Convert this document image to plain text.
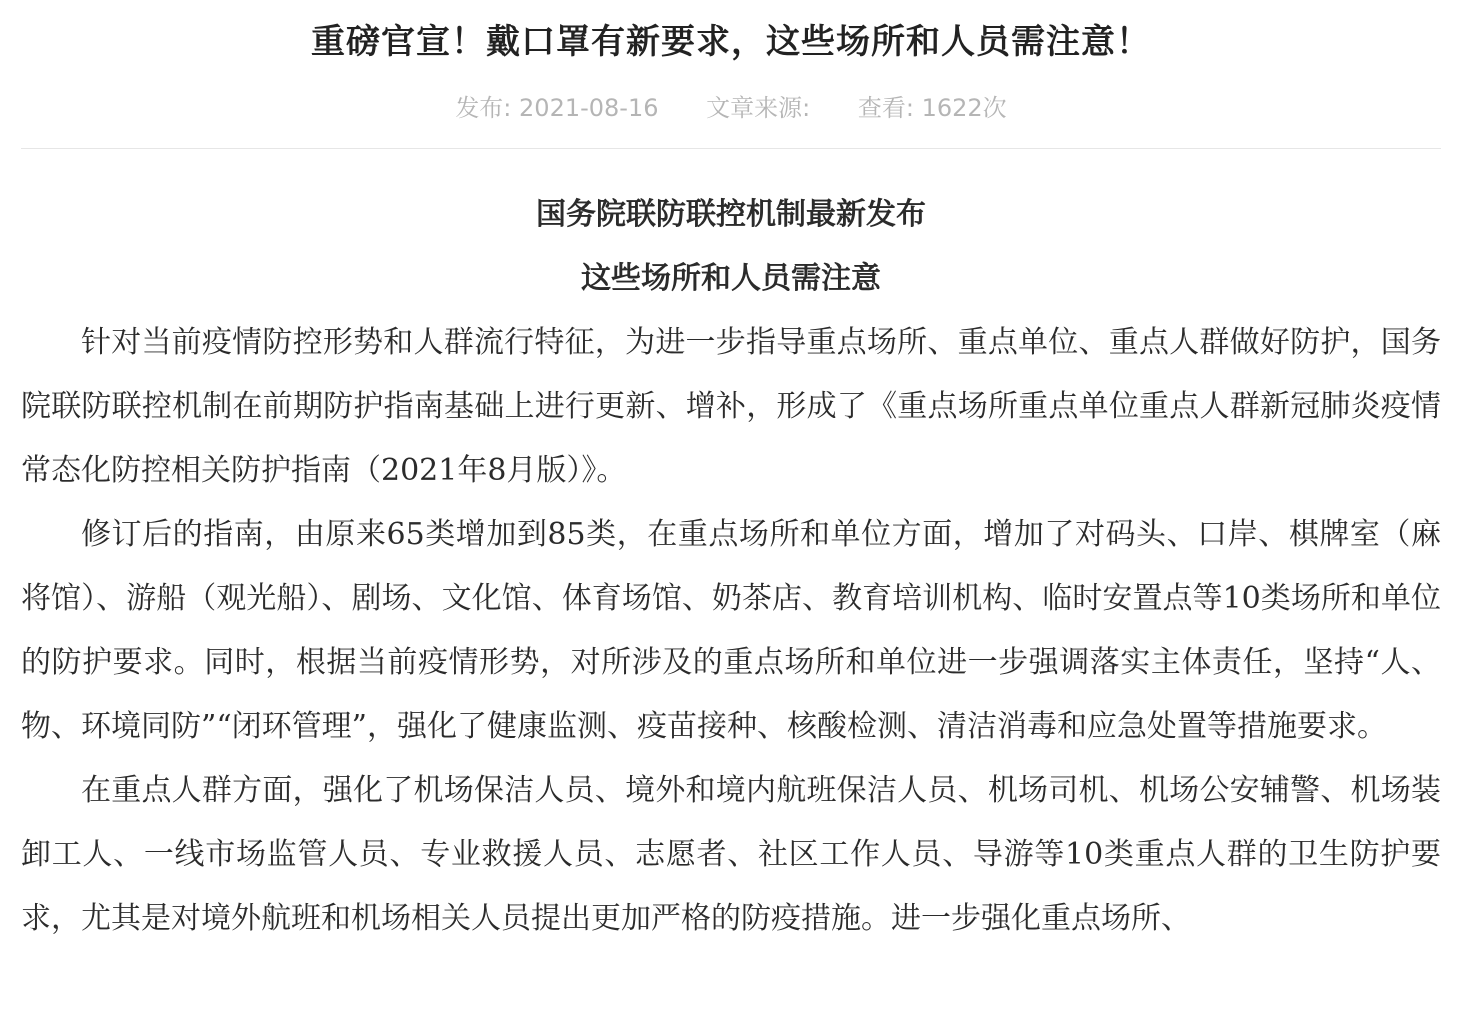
重磅官宣！戴口罩有新要求，这些场所和人员需注意！
发布: 2021-08-16 文章来源: 查看: 1622次

国务院联防联控机制最新发布

这些场所和人员需注意

针对当前疫情防控形势和人群流行特征，为进一步指导重点场所、重点单位、重点人群做好防护，国务院联防联控机制在前期防护指南基础上进行更新、增补，形成了《重点场所重点单位重点人群新冠肺炎疫情常态化防控相关防护指南（2021年8月版）》。

修订后的指南，由原来65类增加到85类，在重点场所和单位方面，增加了对码头、口岸、棋牌室（麻将馆）、游船（观光船）、剧场、文化馆、体育场馆、奶茶店、教育培训机构、临时安置点等10类场所和单位的防护要求。同时，根据当前疫情形势，对所涉及的重点场所和单位进一步强调落实主体责任，坚持“人、物、环境同防”“闭环管理”，强化了健康监测、疫苗接种、核酸检测、清洁消毒和应急处置等措施要求。

在重点人群方面，强化了机场保洁人员、境外和境内航班保洁人员、机场司机、机场公安辅警、机场装卸工人、一线市场监管人员、专业救援人员、志愿者、社区工作人员、导游等10类重点人群的卫生防护要求，尤其是对境外航班和机场相关人员提出更加严格的防疫措施。进一步强化重点场所、
